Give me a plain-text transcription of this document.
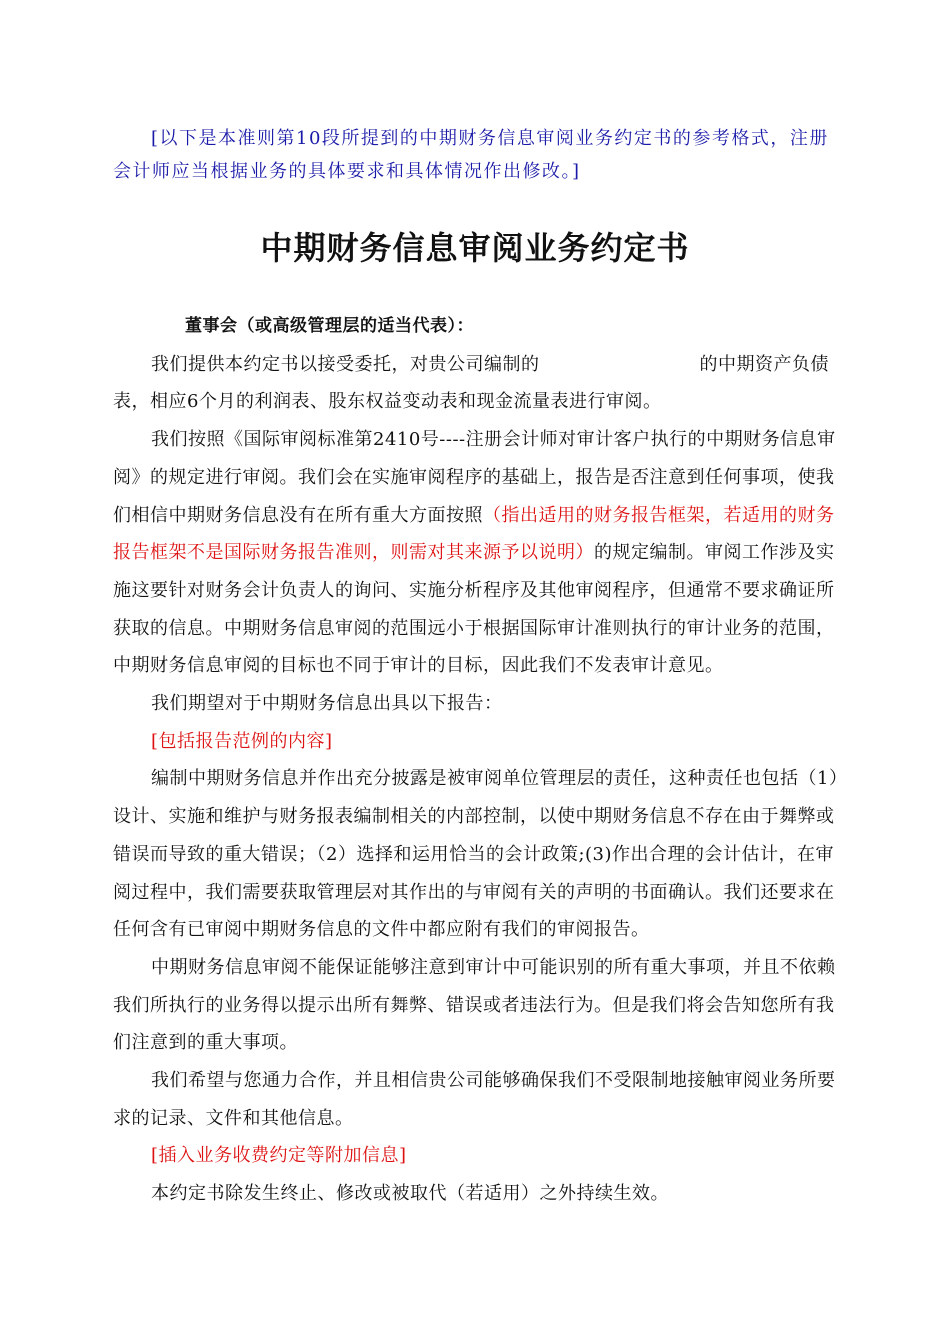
[以下是本准则第10段所提到的中期财务信息审阅业务约定书的参考格式，注册会计师应当根据业务的具体要求和具体情况作出修改。]

中期财务信息审阅业务约定书

董事会（或高级管理层的适当代表）：

我们提供本约定书以接受委托，对贵公司编制的	的中期资产负债表，相应6个月的利润表、股东权益变动表和现金流量表进行审阅。

我们按照《国际审阅标准第2410号----注册会计师对审计客户执行的中期财务信息审阅》的规定进行审阅。我们会在实施审阅程序的基础上，报告是否注意到任何事项，使我们相信中期财务信息没有在所有重大方面按照（指出适用的财务报告框架，若适用的财务报告框架不是国际财务报告准则，则需对其来源予以说明）的规定编制。审阅工作涉及实施这要针对财务会计负责人的询问、实施分析程序及其他审阅程序，但通常不要求确证所获取的信息。中期财务信息审阅的范围远小于根据国际审计准则执行的审计业务的范围，中期财务信息审阅的目标也不同于审计的目标，因此我们不发表审计意见。

我们期望对于中期财务信息出具以下报告：

[包括报告范例的内容]

编制中期财务信息并作出充分披露是被审阅单位管理层的责任，这种责任也包括（1）设计、实施和维护与财务报表编制相关的内部控制，以使中期财务信息不存在由于舞弊或错误而导致的重大错误；（2）选择和运用恰当的会计政策;(3)作出合理的会计估计，在审阅过程中，我们需要获取管理层对其作出的与审阅有关的声明的书面确认。我们还要求在任何含有已审阅中期财务信息的文件中都应附有我们的审阅报告。

中期财务信息审阅不能保证能够注意到审计中可能识别的所有重大事项，并且不依赖我们所执行的业务得以提示出所有舞弊、错误或者违法行为。但是我们将会告知您所有我们注意到的重大事项。

我们希望与您通力合作，并且相信贵公司能够确保我们不受限制地接触审阅业务所要求的记录、文件和其他信息。

[插入业务收费约定等附加信息]

本约定书除发生终止、修改或被取代（若适用）之外持续生效。
